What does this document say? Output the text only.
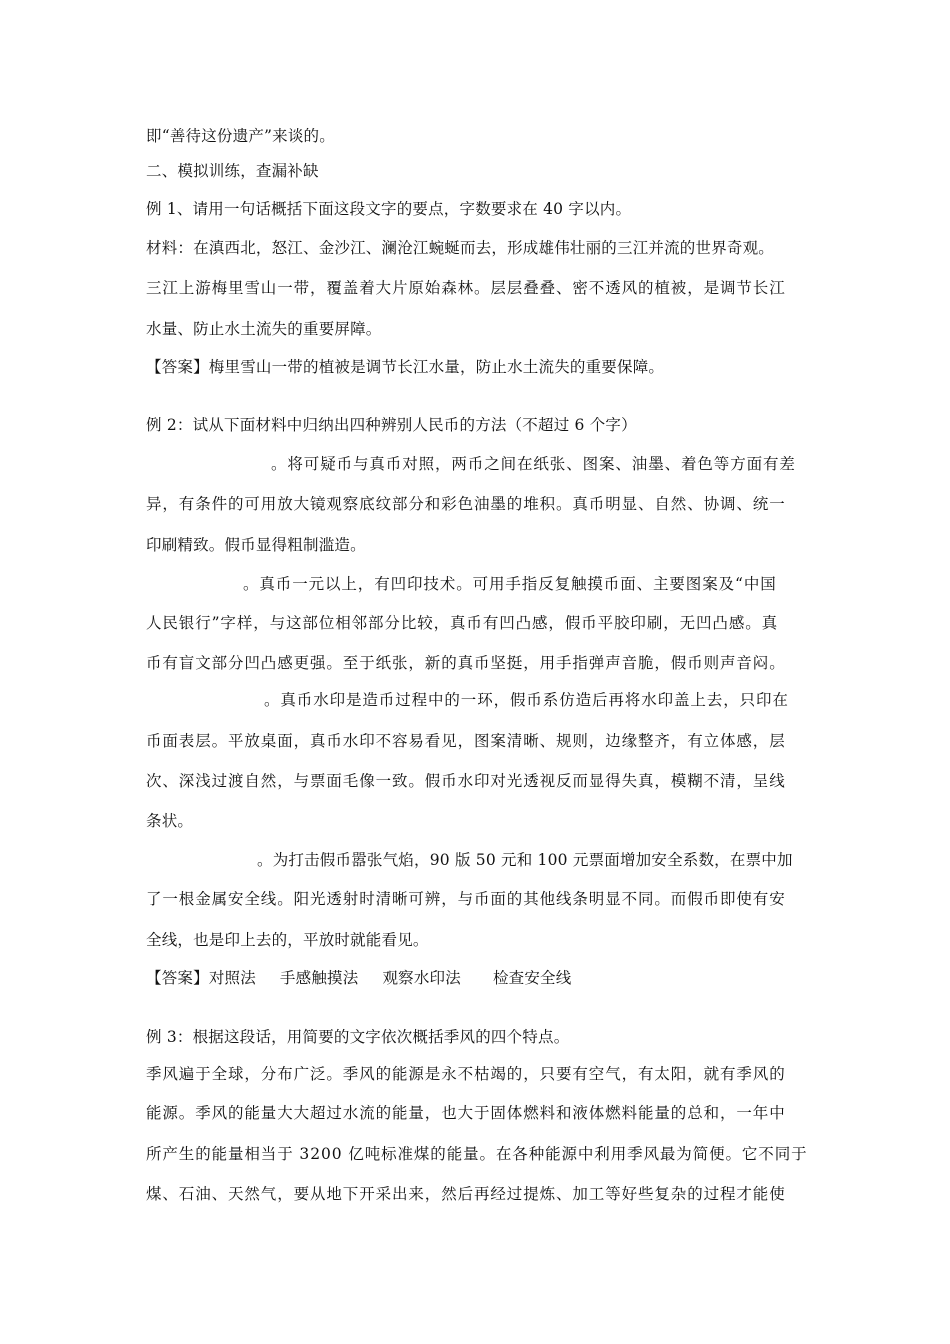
即“善待这份遗产”来谈的。
二、模拟训练，查漏补缺
例 1、请用一句话概括下面这段文字的要点，字数要求在 40 字以内。
材料：在滇西北，怒江、金沙江、澜沧江蜿蜒而去，形成雄伟壮丽的三江并流的世界奇观。
三江上游梅里雪山一带，覆盖着大片原始森林。层层叠叠、密不透风的植被，是调节长江
水量、防止水土流失的重要屏障。
【答案】梅里雪山一带的植被是调节长江水量，防止水土流失的重要保障。
例 2：试从下面材料中归纳出四种辨别人民币的方法（不超过 6 个字）
。将可疑币与真币对照，两币之间在纸张、图案、油墨、着色等方面有差
异，有条件的可用放大镜观察底纹部分和彩色油墨的堆积。真币明显、自然、协调、统一
印刷精致。假币显得粗制滥造。
。真币一元以上，有凹印技术。可用手指反复触摸币面、主要图案及“中国
人民银行”字样，与这部位相邻部分比较，真币有凹凸感，假币平胶印刷，无凹凸感。真
币有盲文部分凹凸感更强。至于纸张，新的真币坚挺，用手指弹声音脆，假币则声音闷。
。真币水印是造币过程中的一环，假币系仿造后再将水印盖上去，只印在
币面表层。平放桌面，真币水印不容易看见，图案清晰、规则，边缘整齐，有立体感，层
次、深浅过渡自然，与票面毛像一致。假币水印对光透视反而显得失真，模糊不清，呈线
条状。
。为打击假币嚣张气焰，90 版 50 元和 100 元票面增加安全系数，在票中加
了一根金属安全线。阳光透射时清晰可辨，与币面的其他线条明显不同。而假币即使有安
全线，也是印上去的，平放时就能看见。
【答案】对照法 手感触摸法 观察水印法 检查安全线
例 3：根据这段话，用简要的文字依次概括季风的四个特点。
季风遍于全球，分布广泛。季风的能源是永不枯竭的，只要有空气，有太阳，就有季风的
能源。季风的能量大大超过水流的能量，也大于固体燃料和液体燃料能量的总和，一年中
所产生的能量相当于 3200 亿吨标准煤的能量。在各种能源中利用季风最为简便。它不同于
煤、石油、天然气，要从地下开采出来，然后再经过提炼、加工等好些复杂的过程才能使
